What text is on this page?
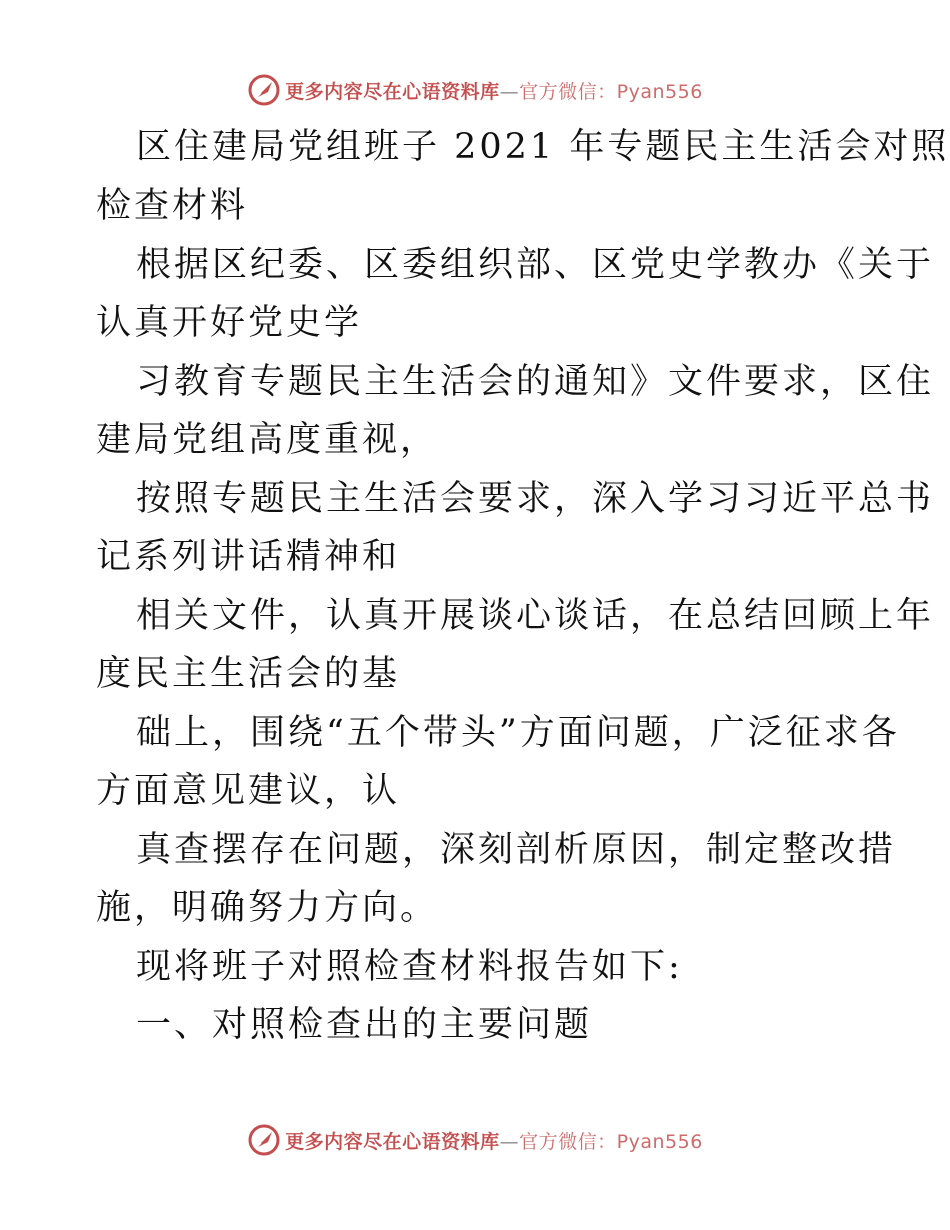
更多内容尽在心语资料库—官方微信：Pyan556
区住建局党组班子 2021 年专题民主生活会对照
检查材料
根据区纪委、区委组织部、区党史学教办《关于
认真开好党史学
习教育专题民主生活会的通知》文件要求，区住
建局党组高度重视，
按照专题民主生活会要求，深入学习习近平总书
记系列讲话精神和
相关文件，认真开展谈心谈话，在总结回顾上年
度民主生活会的基
础上，围绕“五个带头”方面问题，广泛征求各
方面意见建议，认
真查摆存在问题，深刻剖析原因，制定整改措
施，明确努力方向。
现将班子对照检查材料报告如下:
一、对照检查出的主要问题
更多内容尽在心语资料库—官方微信：Pyan556
